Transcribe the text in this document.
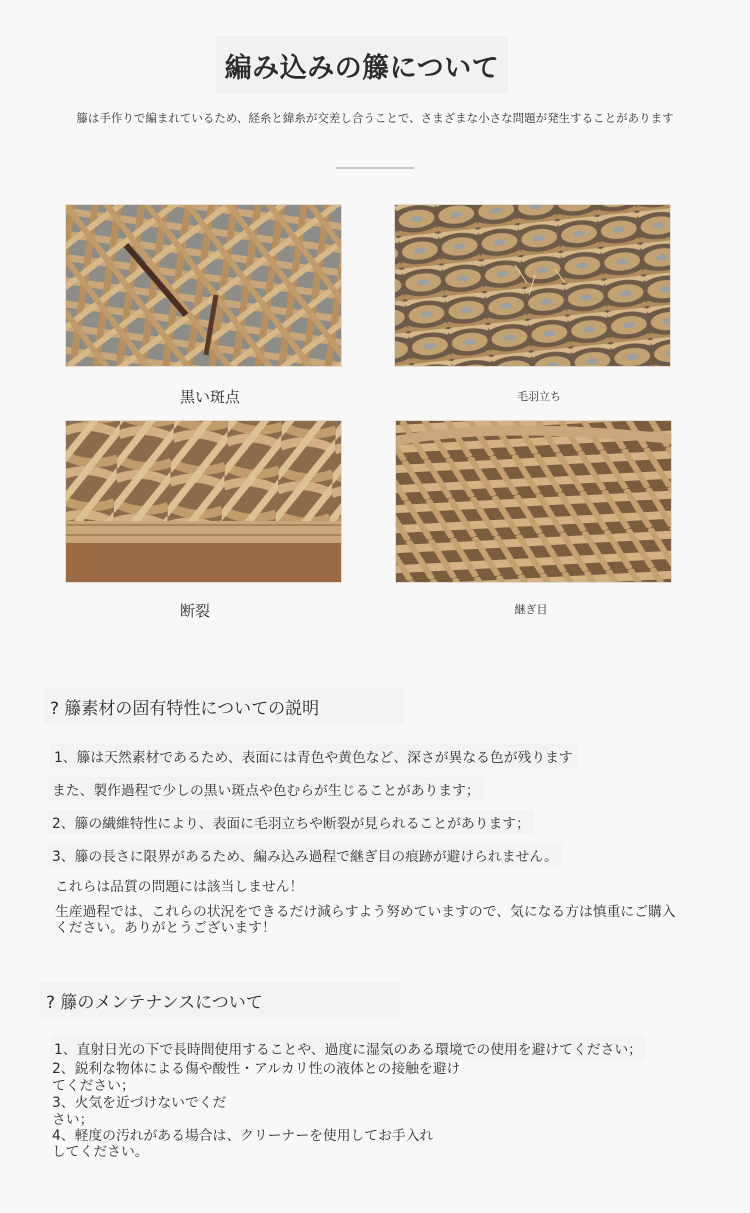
編み込みの籐について
籐は手作りで編まれているため、経糸と緯糸が交差し合うことで、さまざまな小さな問題が発生することがあります
黒い斑点	毛羽立ち
断裂	継ぎ目
? 籐素材の固有特性についての説明
1、籐は天然素材であるため、表面には青色や黄色など、深さが異なる色が残ります
また、製作過程で少しの黒い斑点や色むらが生じることがあります；
2、籐の繊維特性により、表面に毛羽立ちや断裂が見られることがあります；
3、籐の長さに限界があるため、編み込み過程で継ぎ目の痕跡が避けられません。
これらは品質の問題には該当しません！
生産過程では、これらの状況をできるだけ減らすよう努めていますので、気になる方は慎重にご購入
ください。ありがとうございます！
? 籐のメンテナンスについて
1、直射日光の下で長時間使用することや、過度に湿気のある環境での使用を避けてください；
2、鋭利な物体による傷や酸性・アルカリ性の液体との接触を避け
てください；
3、火気を近づけないでくだ
さい；
4、軽度の汚れがある場合は、クリーナーを使用してお手入れ
してください。
